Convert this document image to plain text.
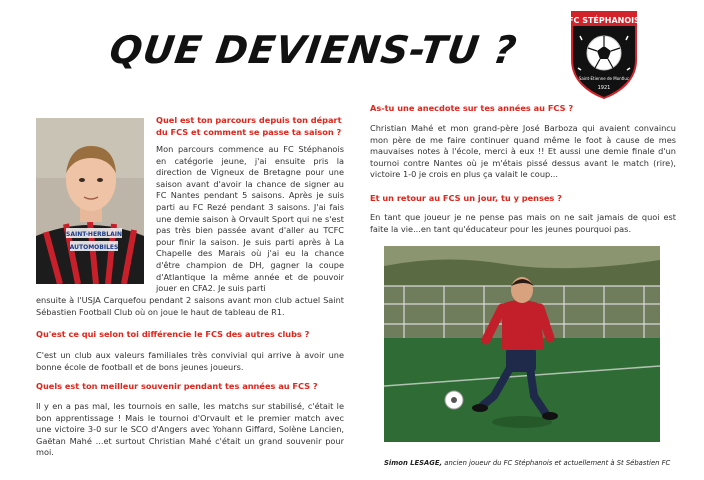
QUE DEVIENS-TU ?
FC STÉPHANOIS
Saint-Etienne de Montluc
1921
SAINT-HERBLAIN
AUTOMOBILES

Quel est ton parcours depuis ton départ du FCS et comment se passe ta saison ?

Mon parcours commence au FC Stéphanois en catégorie jeune, j'ai ensuite pris la direction de Vigneux de Bretagne pour une saison avant d'avoir la chance de signer au FC Nantes pendant 5 saisons. Après je suis parti au FC Rezé pendant 3 saisons. J'ai fais une demie saison à Orvault Sport qui ne s'est pas très bien passée avant d'aller au TCFC pour finir la saison. Je suis parti après à La Chapelle des Marais où j'ai eu la chance d'être champion de DH, gagner la coupe d'Atlantique la même année et de pouvoir jouer en CFA2. Je suis parti

ensuite à l'USJA Carquefou pendant 2 saisons avant mon club actuel Saint Sébastien Football Club où on joue le haut de tableau de R1.

Qu'est ce qui selon toi différencie le FCS des autres clubs ?

C'est un club aux valeurs familiales très convivial qui arrive à avoir une bonne école de football et de bons jeunes joueurs.

Quels est ton meilleur souvenir pendant tes années au FCS ?

Il y en a pas mal, les tournois en salle, les matchs sur stabilisé, c'était le bon apprentissage ! Mais le tournoi d'Orvault et le premier match avec une victoire 3-0 sur le SCO d'Angers avec Yohann Giffard, Solène Lancien, Gaëtan Mahé ...et surtout Christian Mahé c'était un grand souvenir pour moi.

As-tu une anecdote sur tes années au FCS ?

Christian Mahé et mon grand-père José Barboza qui avaient convaincu mon père de me faire continuer quand même le foot à cause de mes mauvaises notes à l'école, merci à eux !! Et aussi une demie finale d'un tournoi contre Nantes où je m'étais pissé dessus avant le match (rire), victoire 1-0 je crois en plus ça valait le coup...

Et un retour au FCS un jour, tu y penses ?

En tant que joueur je ne pense pas mais on ne sait jamais de quoi est faite la vie...en tant qu'éducateur pour les jeunes pourquoi pas.

Simon LESAGE, ancien joueur du FC Stéphanois et actuellement à St Sébastien FC
